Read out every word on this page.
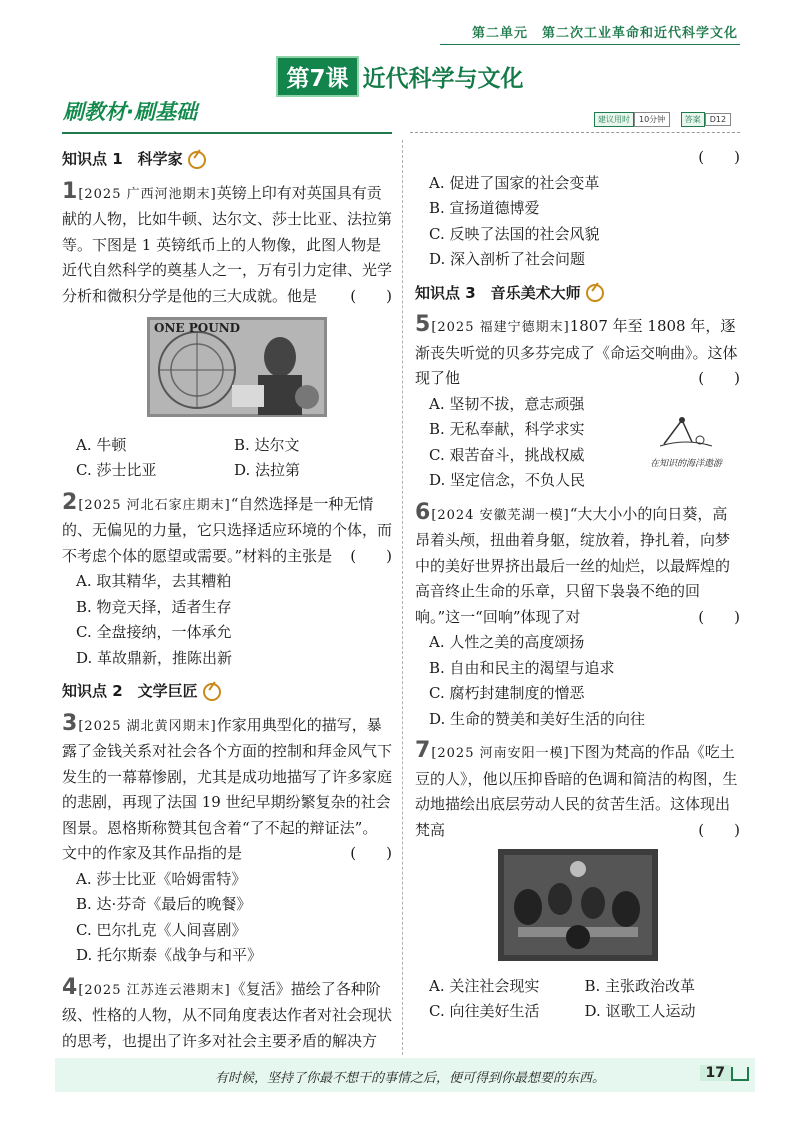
第二单元 第二次工业革命和近代科学文化
第7课 近代科学与文化
刷教材·刷基础	建议用时 10分钟 答案 D12
知识点 1　科学家
1[2025 广西河池期末]英镑上印有对英国具有贡献的人物，比如牛顿、达尔文、莎士比亚、法拉第等。下图是 1 英镑纸币上的人物像，此图人物是近代自然科学的奠基人之一，万有引力定律、光学分析和微积分学是他的三大成就。他是 (　　)
ONE POUND
A. 牛顿	B. 达尔文
C. 莎士比亚	D. 法拉第
2[2025 河北石家庄期末]“自然选择是一种无情的、无偏见的力量，它只选择适应环境的个体，而不考虑个体的愿望或需要。”材料的主张是 (　　)
A. 取其精华，去其糟粕
B. 物竞天择，适者生存
C. 全盘接纳，一体承允
D. 革故鼎新，推陈出新
知识点 2　文学巨匠
3[2025 湖北黄冈期末]作家用典型化的描写，暴露了金钱关系对社会各个方面的控制和拜金风气下发生的一幕幕惨剧，尤其是成功地描写了许多家庭的悲剧，再现了法国 19 世纪早期纷繁复杂的社会图景。恩格斯称赞其包含着“了不起的辩证法”。文中的作家及其作品指的是	(　　)
A. 莎士比亚《哈姆雷特》
B. 达·芬奇《最后的晚餐》
C. 巴尔扎克《人间喜剧》
D. 托尔斯泰《战争与和平》
4[2025 江苏连云港期末]《复活》描绘了各种阶级、性格的人物，从不同角度表达作者对社会现状的思考，也提出了许多对社会主要矛盾的解决方
(　　)
A. 促进了国家的社会变革
B. 宣扬道德博爱
C. 反映了法国的社会风貌
D. 深入剖析了社会问题
知识点 3　音乐美术大师
5[2025 福建宁德期末]1807 年至 1808 年，逐渐丧失听觉的贝多芬完成了《命运交响曲》。这体现了他	(　　)
A. 坚韧不拔，意志顽强
B. 无私奉献，科学求实
C. 艰苦奋斗，挑战权威
D. 坚定信念，不负人民
在知识的海洋遨游
6[2024 安徽芜湖一模]“大大小小的向日葵，高昂着头颅，扭曲着身躯，绽放着，挣扎着，向梦中的美好世界挤出最后一丝的灿烂，以最辉煌的高音终止生命的乐章，只留下袅袅不绝的回响。”这一“回响”体现了对	(　　)
A. 人性之美的高度颂扬
B. 自由和民主的渴望与追求
C. 腐朽封建制度的憎恶
D. 生命的赞美和美好生活的向往
7[2025 河南安阳一模]下图为梵高的作品《吃土豆的人》，他以压抑昏暗的色调和简洁的构图，生动地描绘出底层劳动人民的贫苦生活。这体现出梵高	(　　)
A. 关注社会现实	B. 主张政治改革
C. 向往美好生活	D. 讴歌工人运动
有时候，坚持了你最不想干的事情之后，便可得到你最想要的东西。	17
